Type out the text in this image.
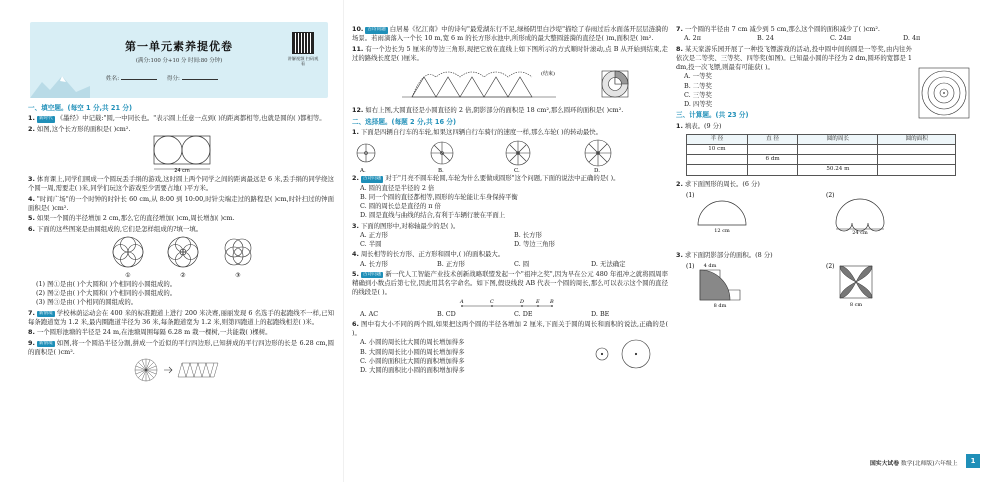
第一单元素养提优卷
(满分:100 分+10 分 时间:80 分钟)
姓名:	得分:
讲解视频 扫码观看
一、填空题。(每空 1 分,共 21 分)
1. 新时代 《墨经》中记载:"圆,一中同长也。"表示圆上任意一点到( )的距离都相等,也就是圆的( )都相等。
2. 如图,这个长方形的面积是( )cm².
24 cm
3. 体育课上,同学们围成一个圆玩丢手绢的游戏,这时圆上两个同学之间的距离最远是 6 米,丢手绢的同学绕这个圆一周,需要走( )米,同学们玩这个游戏至少需要占地( )平方米。
4. "时间广场"的一个时钟的时针长 60 cm,从 8:00 到 10:00,时针尖端走过的路程是( )cm,时针扫过的钟面面积是( )cm².
5. 如果一个圆的半径增加 2 cm,那么它的直径增加( )cm,周长增加( )cm.
6. 下面的这些图案是由圆组成的,它们是怎样组成的?填一填。
①	②	③
(1) 图①是由( )个大圆和( )个相同的小圆组成的。
(2) 图②是由( )个大圆和( )个相同的小圆组成的。
(3) 图③是由( )个相同的圆组成的。
7. 新情境 学校林荫运动会在 400 米的标准跑道上进行 200 米决赛,丽丽发现 6 名选手的起跑线不一样,已知每条跑道宽为 1.2 米,最内圈跑道半径为 36 米,每条跑道宽为 1.2 米,则第四跑道上的起跑线相差( )米。
8. 一个圆形池塘的半径是 24 m,在池塘周围每隔 6.28 m 栽一棵树,一共能栽( )棵树。
9. 新情境 如图,将一个圆沿半径分割,拼成一个近似的平行四边形,已知拼成的平行四边形的长是 6.28 cm,圆的面积是( )cm².
10. 古诗问题 白居易《忆江南》中的诗句"最爱湖东行不足,绿杨阴里白沙堤"描绘了春雨过后水面荡开层层涟漪的场景。若雨滴落入一个长 10 m,宽 6 m 的长方形水池中,所形成的最大整圆涟漪的直径是( )m,面积是( )m².
11. 有一个边长为 5 厘米的等边三角形,现把它放在直线上如下图所示的方式顺时针滚动,点 B 从开始到结束,走过的路线长度是( )厘米。
(结束)
12. 如右上图,大圆直径是小圆直径的 2 倍,阴影部分的面积是 18 cm²,那么圆环的面积是( )cm².
二、选择题。(每题 2 分,共 16 分)
1. 下面是四辆自行车的车轮,如果这四辆自行车骑行的速度一样,那么车轮( )的转动最快。
A.	B.	C.	D.
2. 古诗问题 对于"月亮不圆车轮圆,车轮为什么要做成圆形"这个问题,下面的说法中正确的是( )。
A. 圆的直径是半径的 2 倍
B. 同一个圆的直径都相等,圆形的车轮能让车身保持平衡
C. 圆的周长总是直径的 π 倍
D. 圆是直线与曲线的结合,有利于车辆行驶在平面上
3. 下面的图形中,对称轴最少的是( )。
A. 正方形	B. 长方形
C. 半圆	D. 等边三角形
4. 周长相等的长方形、正方形和圆中,( )的面积最大。
A. 长方形	B. 正方形	C. 圆	D. 无法确定
5. 古诗问题 新一代人工智能产业技术创新战略联盟发起一个"祖冲之奖",因为早在公元 480 年祖冲之就将圆周率精确到小数点后第七位,因此用其名字命名。如下图,假设线段 AB 代表一个圆的周长,那么可以表示这个圆的直径的线段是( )。
A	C	D E B
A. AC	B. CD	C. DE	D. BE
6. 图中有大小不同的两个圆,如果把这两个圆的半径各增加 2 厘米,下面关于圆的周长和面积的说法,正确的是( )。
A. 小圆的周长比大圆的周长增加得多
B. 大圆的周长比小圆的周长增加得多
C. 小圆的面积比大圆的面积增加得多
D. 大圆的面积比小圆的面积增加得多
7. 一个圆的半径由 7 cm 减少到 5 cm,那么这个圆的面积减少了( )cm².
A. 2π	B. 24	C. 24π	D. 4π
8. 某天家游乐园开展了一种投飞镖游戏的活动,投中圆中间的圆是一等奖,由内往外依次是二等奖、三等奖、四等奖(如图)。已知最小圆的半径为 2 dm,圆环的宽都是 1 dm,投一次飞镖,则最有可能获( )。
A. 一等奖
B. 二等奖
C. 三等奖
D. 四等奖
三、计算题。(共 23 分)
1. 填表。(9 分)
半 径	直 径	圆的周长	圆的面积
10 cm			
	6 dm		
		50.24 m	
2. 求下面图形的周长。(6 分)
(1)
12 cm
(2)
24 cm
3. 求下面阴影部分的面积。(8 分)
(1) 4 dm
8 dm
(2)
8 cm
国实大试卷 数学(北师版)六年级上	1
